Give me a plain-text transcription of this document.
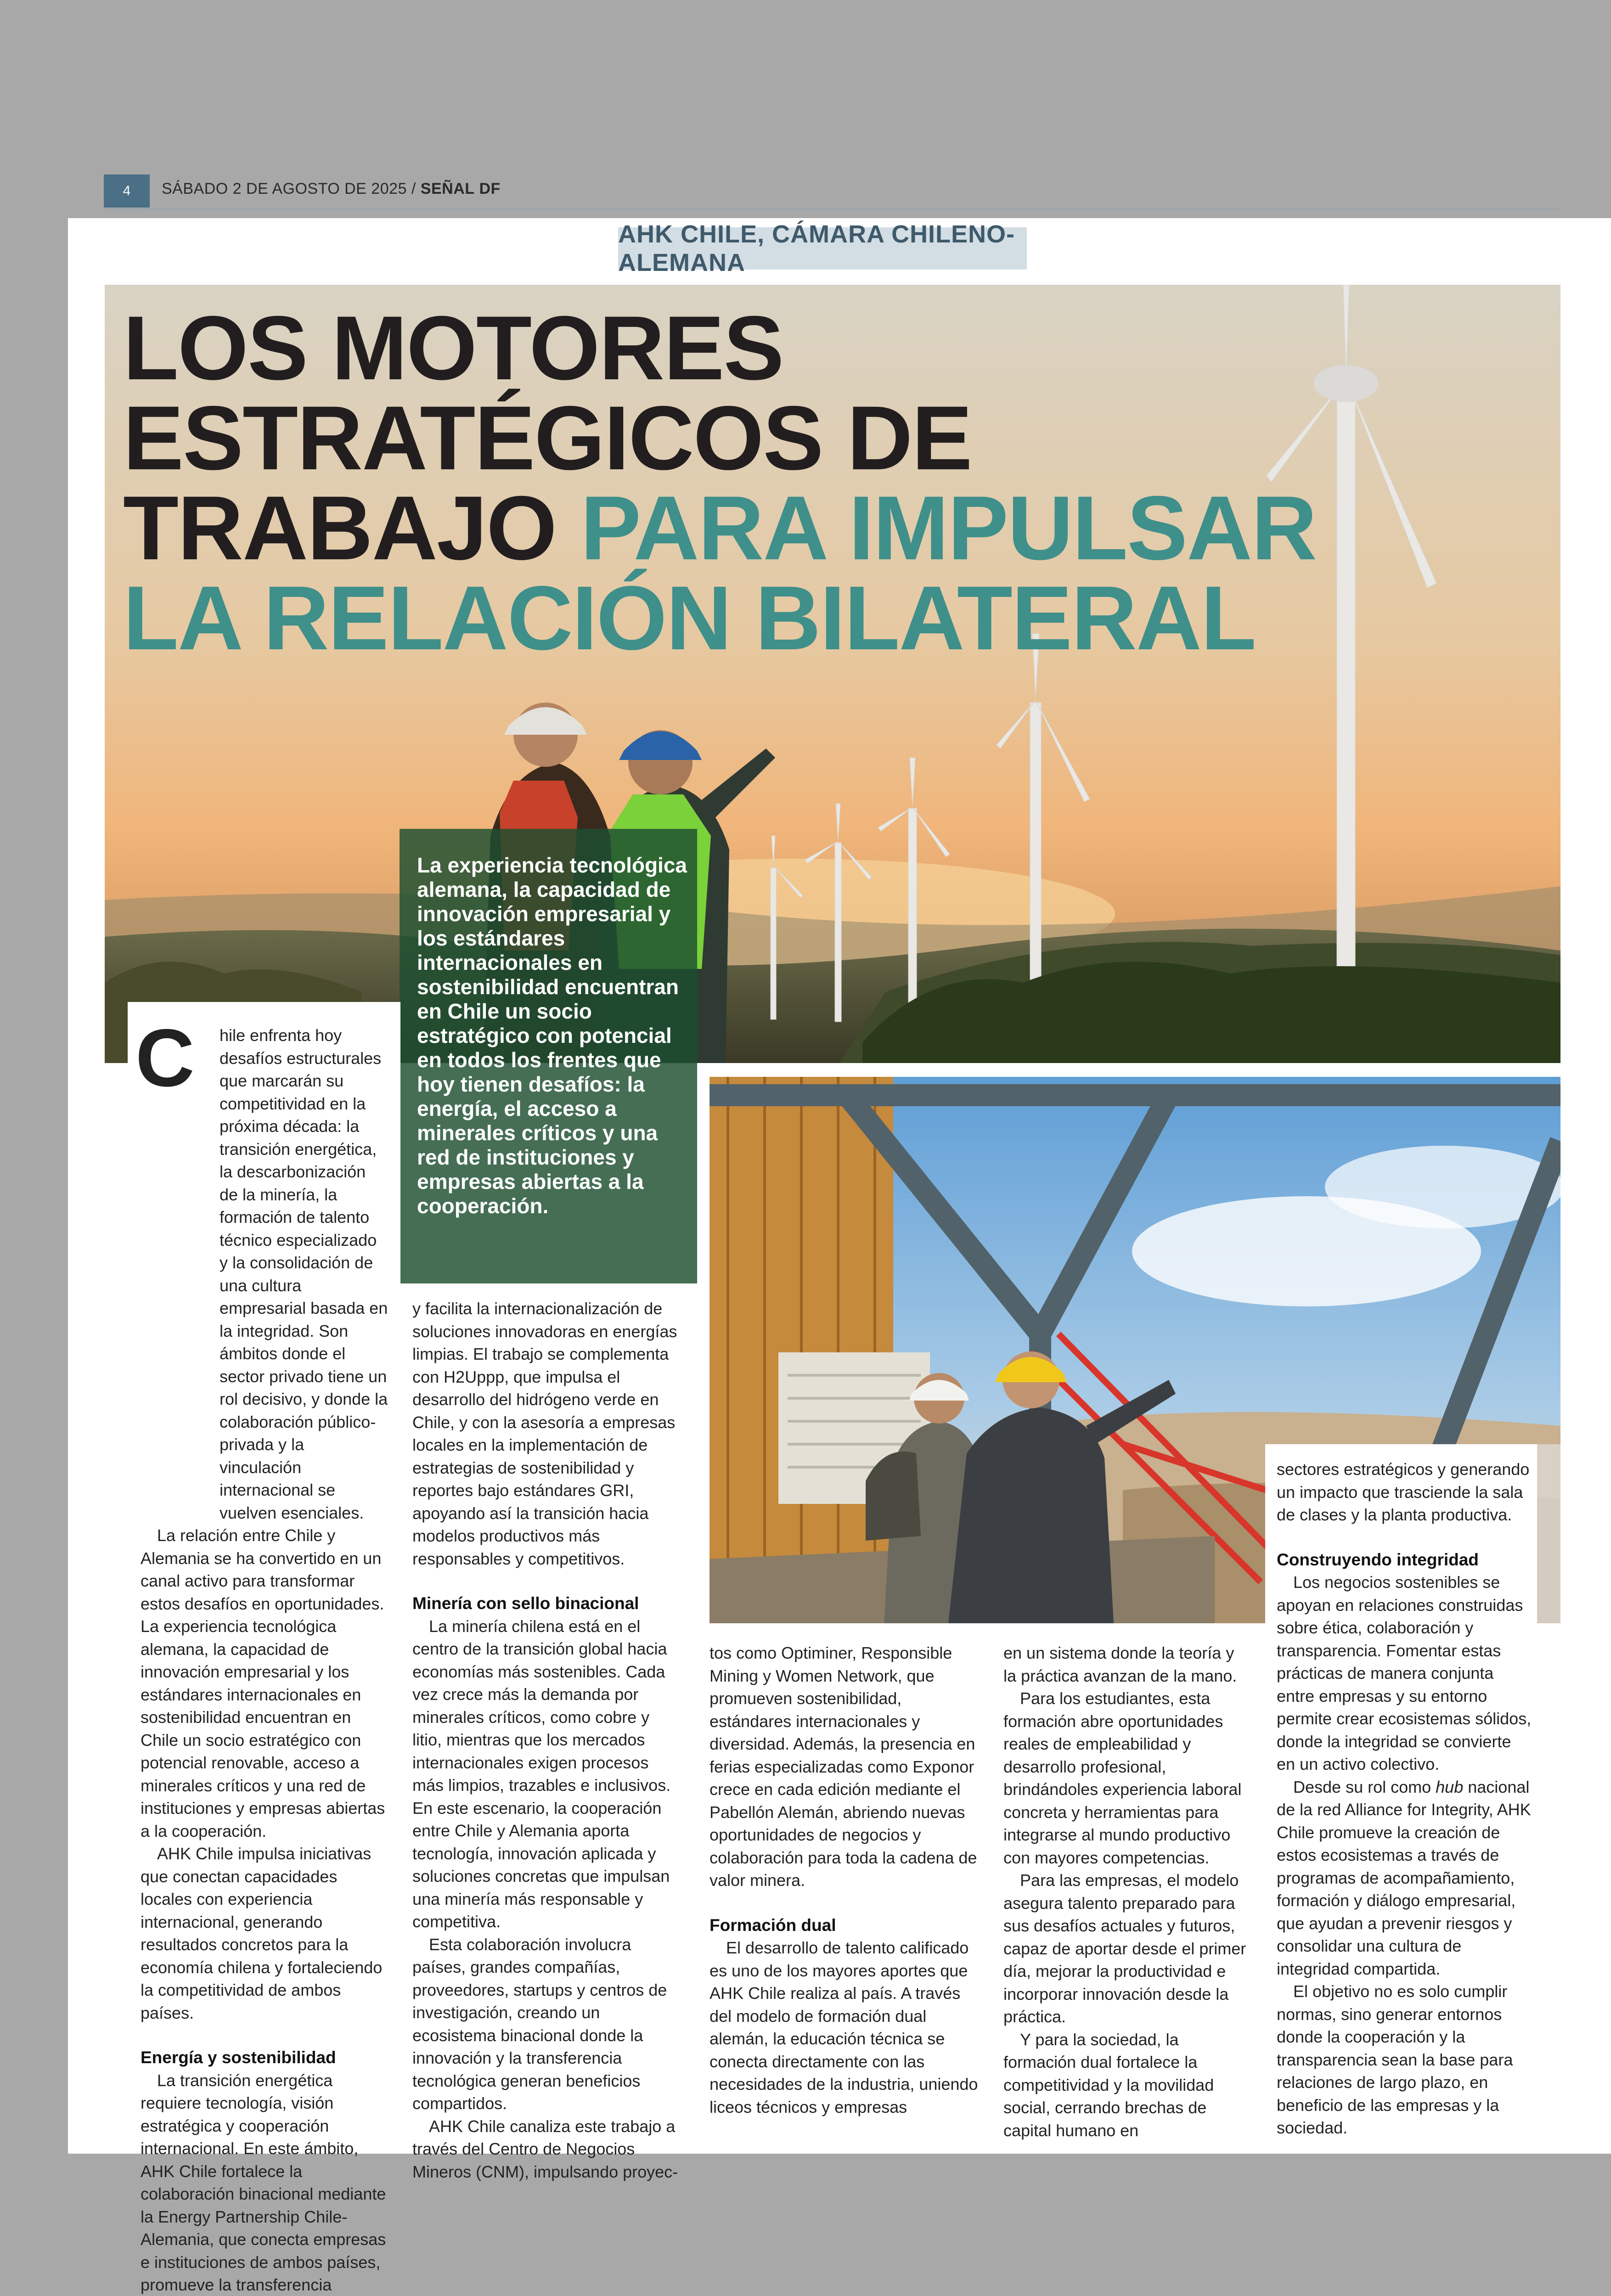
4	SÁBADO 2 DE AGOSTO DE 2025 / SEÑAL DF
AHK CHILE, CÁMARA CHILENO-ALEMANA
LOS MOTORES
ESTRATÉGICOS DE
TRABAJO PARA IMPULSAR
LA RELACIÓN BILATERAL
La experiencia tecnológica alemana, la capacidad de innovación empresarial y los estándares internacionales en sostenibilidad encuentran en Chile un socio estratégico con potencial en todos los frentes que hoy tienen desafíos: la energía, el acceso a minerales críticos y una red de instituciones y empresas abiertas a la cooperación.
C	hile enfrenta hoy desafíos estructurales que marcarán su competitividad en la próxima década: la transición energética, la descarbonización de la minería, la formación de talento técnico especializado y la consolidación de una cultura empresarial basada en la integridad. Son ámbitos donde el sector privado tiene un rol decisivo, y donde la colaboración público-privada y la vinculación internacional se vuelven esenciales.

La relación entre Chile y Alemania se ha convertido en un canal activo para transformar estos desafíos en oportunidades. La experiencia tecnológica alemana, la capacidad de innovación empresarial y los estándares internacionales en sostenibilidad encuentran en Chile un socio estratégico con potencial renovable, acceso a minerales críticos y una red de instituciones y empresas abiertas a la cooperación.

AHK Chile impulsa iniciativas que conectan capacidades locales con experiencia internacional, generando resultados concretos para la economía chilena y fortaleciendo la competitividad de ambos países.

Energía y sostenibilidad

La transición energética requiere tecnología, visión estratégica y cooperación internacional. En este ámbito, AHK Chile fortalece la colaboración binacional mediante la Energy Partnership Chile-Alemania, que conecta empresas e instituciones de ambos países, promueve la transferencia

y facilita la internacionalización de soluciones innovadoras en energías limpias. El trabajo se complementa con H2Uppp, que impulsa el desarrollo del hidrógeno verde en Chile, y con la asesoría a empresas locales en la implementación de estrategias de sostenibilidad y reportes bajo estándares GRI, apoyando así la transición hacia modelos productivos más responsables y competitivos.

Minería con sello binacional

La minería chilena está en el centro de la transición global hacia economías más sostenibles. Cada vez crece más la demanda por minerales críticos, como cobre y litio, mientras que los mercados internacionales exigen procesos más limpios, trazables e inclusivos. En este escenario, la cooperación entre Chile y Alemania aporta tecnología, innovación aplicada y soluciones concretas que impulsan una minería más responsable y competitiva.

Esta colaboración involucra países, grandes compañías, proveedores, startups y centros de investigación, creando un ecosistema binacional donde la innovación y la transferencia tecnológica generan beneficios compartidos.

AHK Chile canaliza este trabajo a través del Centro de Negocios Mineros (CNM), impulsando proyec-

tos como Optiminer, Responsible Mining y Women Network, que promueven sostenibilidad, estándares internacionales y diversidad. Además, la presencia en ferias especializadas como Exponor crece en cada edición mediante el Pabellón Alemán, abriendo nuevas oportunidades de negocios y colaboración para toda la cadena de valor minera.

Formación dual

El desarrollo de talento calificado es uno de los mayores aportes que AHK Chile realiza al país. A través del modelo de formación dual alemán, la educación técnica se conecta directamente con las necesidades de la industria, uniendo liceos técnicos y empresas

en un sistema donde la teoría y la práctica avanzan de la mano.

Para los estudiantes, esta formación abre oportunidades reales de empleabilidad y desarrollo profesional, brindándoles experiencia laboral concreta y herramientas para integrarse al mundo productivo con mayores competencias.

Para las empresas, el modelo asegura talento preparado para sus desafíos actuales y futuros, capaz de aportar desde el primer día, mejorar la productividad e incorporar innovación desde la práctica.

Y para la sociedad, la formación dual fortalece la competitividad y la movilidad social, cerrando brechas de capital humano en

sectores estratégicos y generando un impacto que trasciende la sala de clases y la planta productiva.

Construyendo integridad

Los negocios sostenibles se apoyan en relaciones construidas sobre ética, colaboración y transparencia. Fomentar estas prácticas de manera conjunta entre empresas y su entorno permite crear ecosistemas sólidos, donde la integridad se convierte en un activo colectivo.

Desde su rol como hub nacional de la red Alliance for Integrity, AHK Chile promueve la creación de estos ecosistemas a través de programas de acompañamiento, formación y diálogo empresarial, que ayudan a prevenir riesgos y consolidar una cultura de integridad compartida.

El objetivo no es solo cumplir normas, sino generar entornos donde la cooperación y la transparencia sean la base para relaciones de largo plazo, en beneficio de las empresas y la sociedad.
